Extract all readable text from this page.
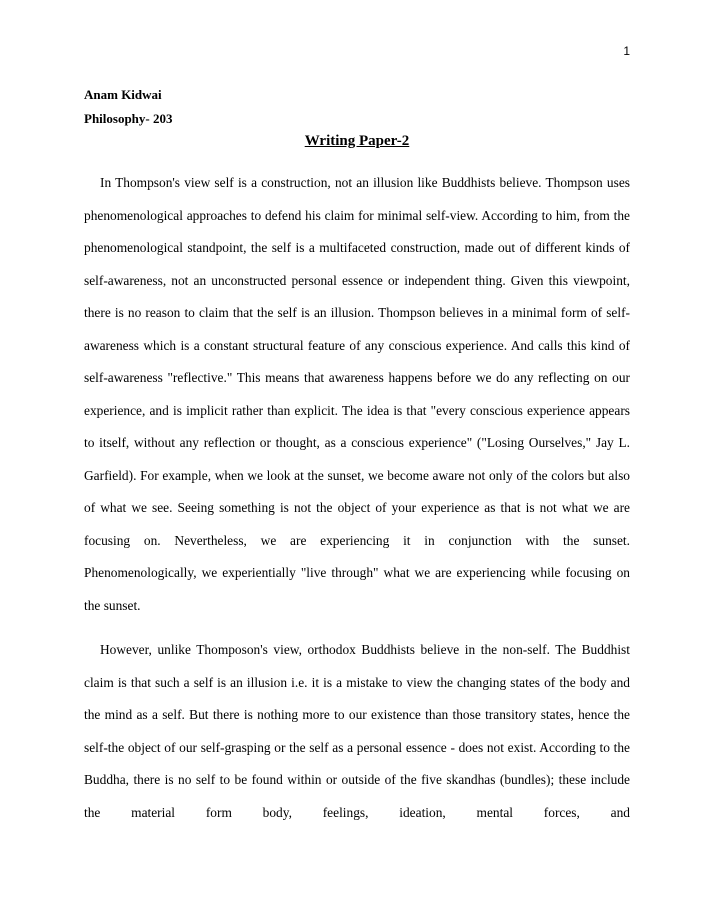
1
Anam Kidwai
Philosophy- 203
Writing Paper-2

In Thompson's view self is a construction, not an illusion like Buddhists believe. Thompson uses phenomenological approaches to defend his claim for minimal self-view. According to him, from the phenomenological standpoint, the self is a multifaceted construction, made out of different kinds of self-awareness, not an unconstructed personal essence or independent thing. Given this viewpoint, there is no reason to claim that the self is an illusion. Thompson believes in a minimal form of self-awareness which is a constant structural feature of any conscious experience. And calls this kind of self-awareness "reflective." This means that awareness happens before we do any reflecting on our experience, and is implicit rather than explicit. The idea is that "every conscious experience appears to itself, without any reflection or thought, as a conscious experience" ("Losing Ourselves," Jay L. Garfield). For example, when we look at the sunset, we become aware not only of the colors but also of what we see. Seeing something is not the object of your experience as that is not what we are focusing on. Nevertheless, we are experiencing it in conjunction with the sunset. Phenomenologically, we experientially "live through" what we are experiencing while focusing on the sunset.

However, unlike Thomposon's view, orthodox Buddhists believe in the non-self. The Buddhist claim is that such a self is an illusion i.e. it is a mistake to view the changing states of the body and the mind as a self. But there is nothing more to our existence than those transitory states, hence the self-the object of our self-grasping or the self as a personal essence - does not exist. According to the Buddha, there is no self to be found within or outside of the five skandhas (bundles); these include the material form body, feelings, ideation, mental forces, and
